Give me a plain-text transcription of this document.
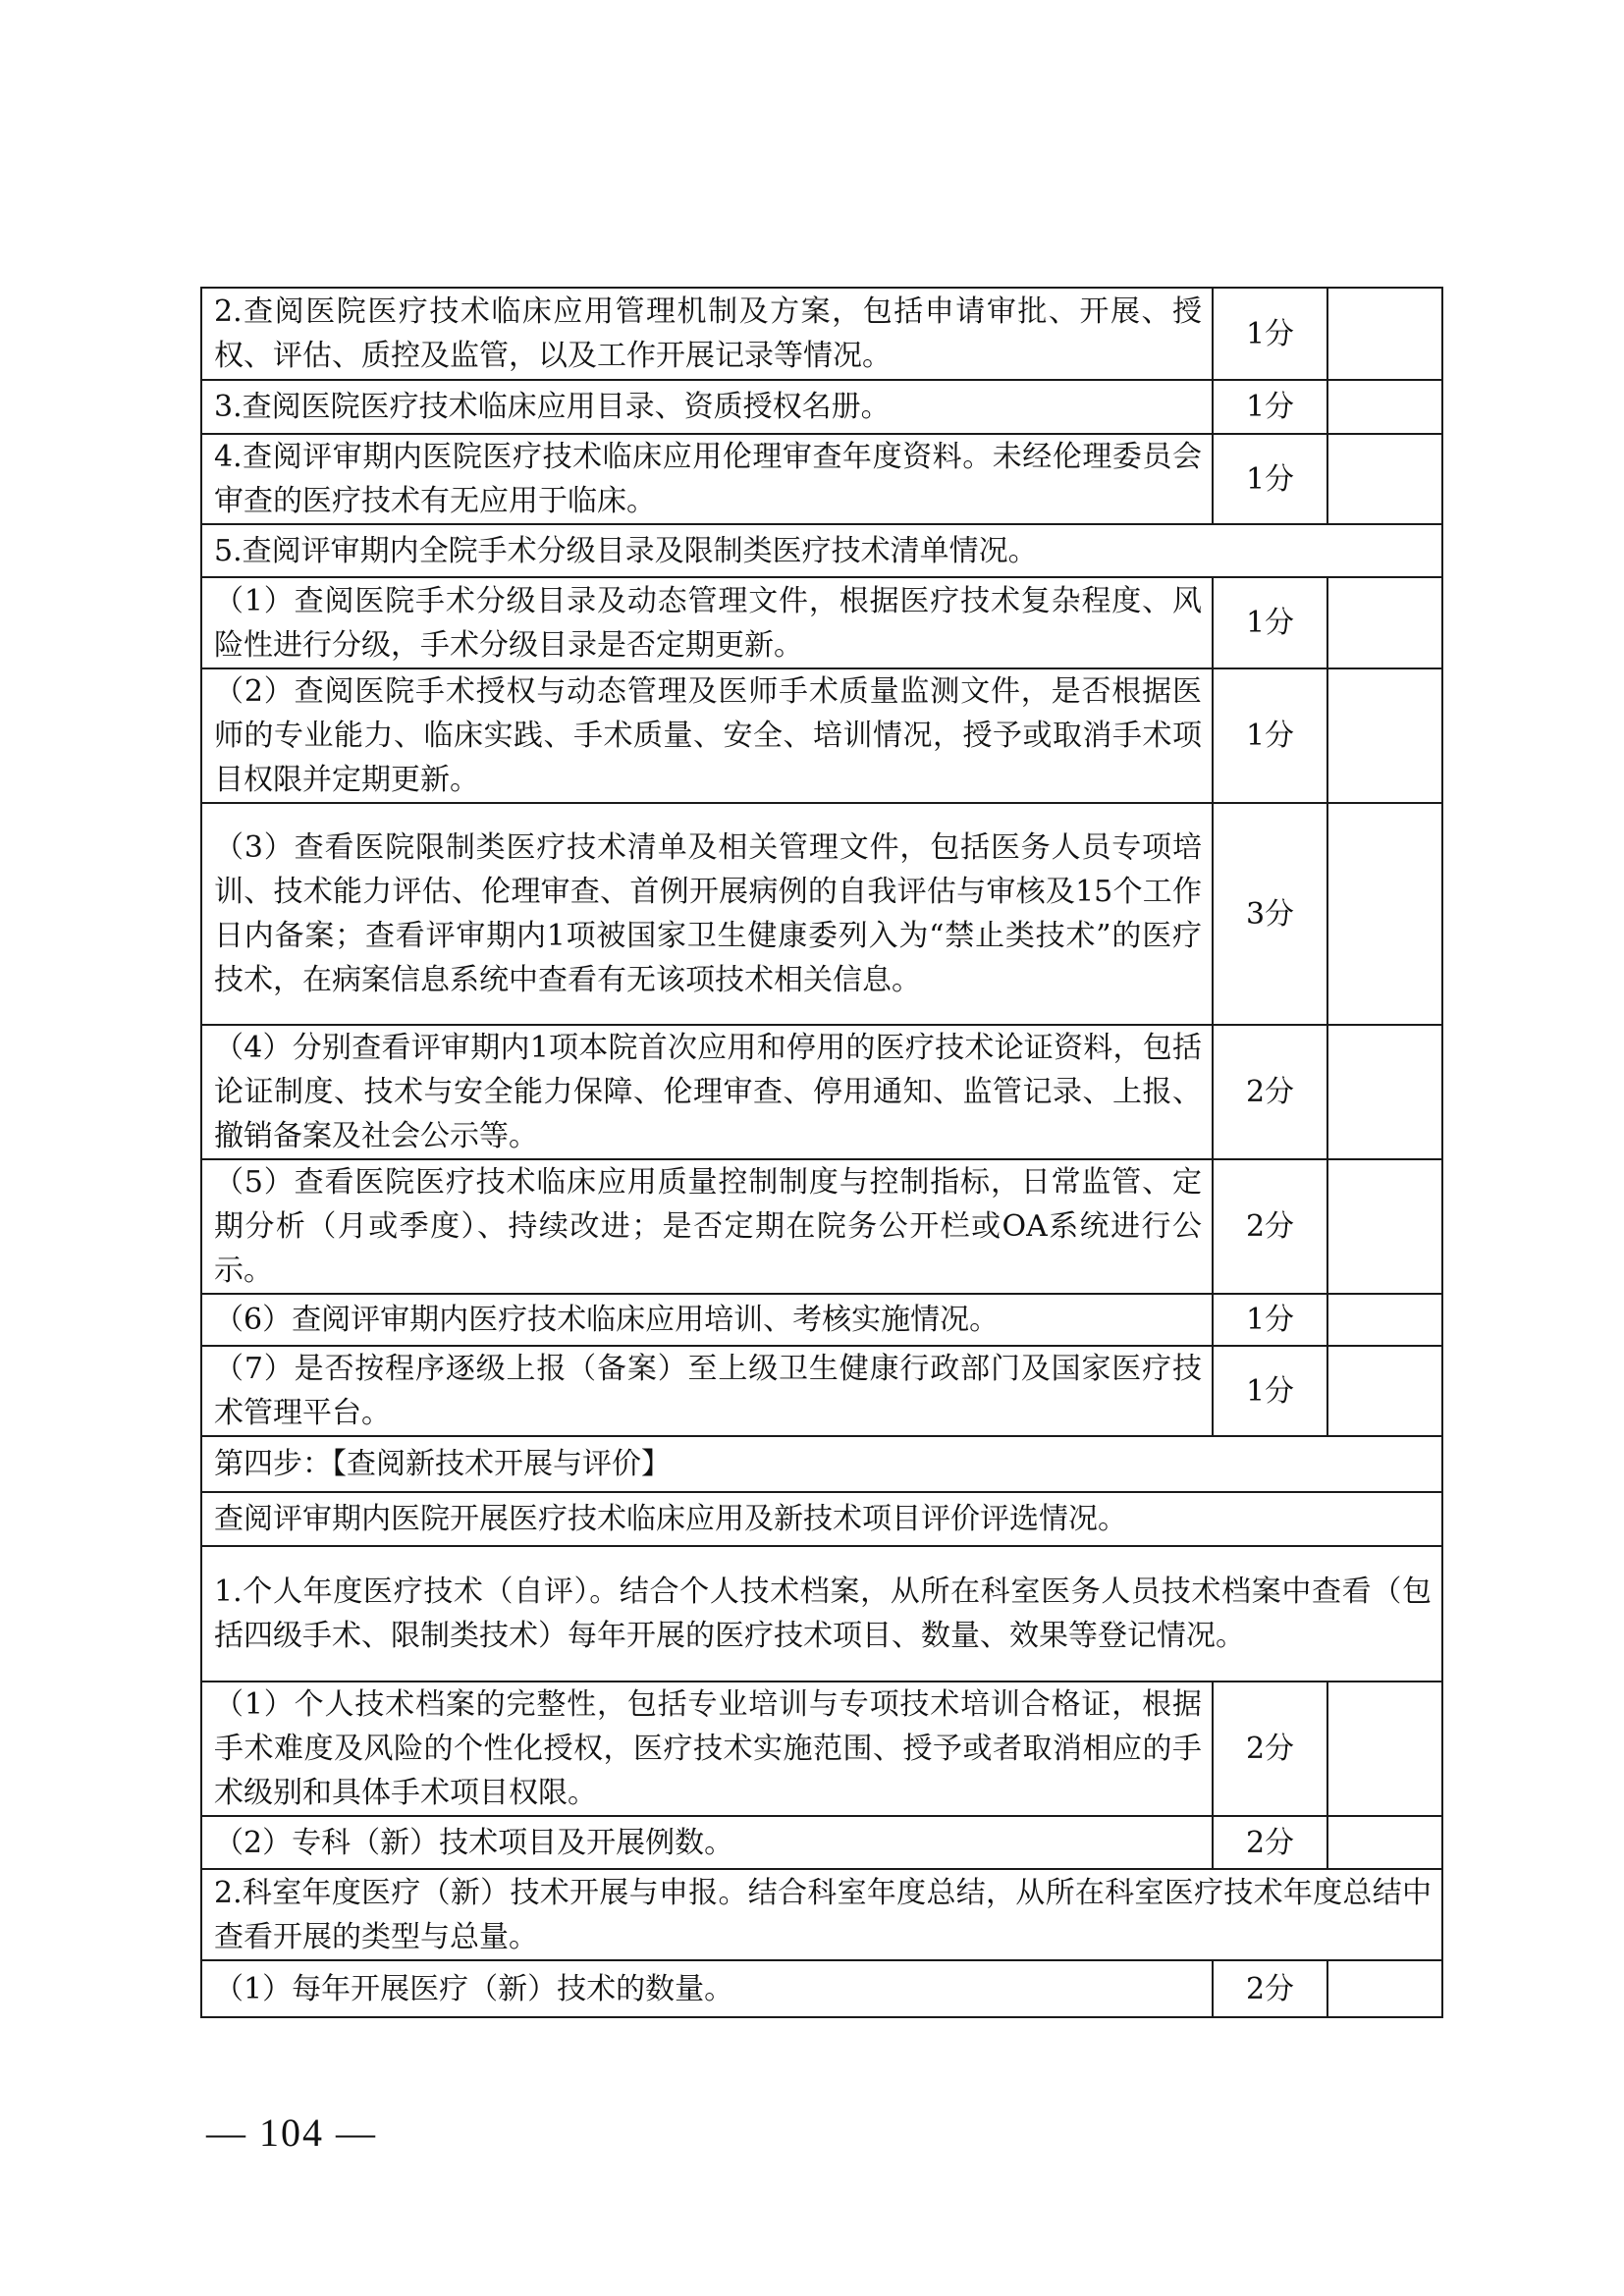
2.查阅医院医疗技术临床应用管理机制及方案，包括申请审批、开展、授权、评估、质控及监管，以及工作开展记录等情况。	1分	
3.查阅医院医疗技术临床应用目录、资质授权名册。	1分	
4.查阅评审期内医院医疗技术临床应用伦理审查年度资料。未经伦理委员会审查的医疗技术有无应用于临床。	1分	
5.查阅评审期内全院手术分级目录及限制类医疗技术清单情况。		
（1）查阅医院手术分级目录及动态管理文件，根据医疗技术复杂程度、风险性进行分级，手术分级目录是否定期更新。	1分	
（2）查阅医院手术授权与动态管理及医师手术质量监测文件，是否根据医师的专业能力、临床实践、手术质量、安全、培训情况，授予或取消手术项目权限并定期更新。	1分	
（3）查看医院限制类医疗技术清单及相关管理文件，包括医务人员专项培训、技术能力评估、伦理审查、首例开展病例的自我评估与审核及15个工作日内备案；查看评审期内1项被国家卫生健康委列入为“禁止类技术”的医疗技术，在病案信息系统中查看有无该项技术相关信息。	3分	
（4）分别查看评审期内1项本院首次应用和停用的医疗技术论证资料，包括论证制度、技术与安全能力保障、伦理审查、停用通知、监管记录、上报、撤销备案及社会公示等。	2分	
（5）查看医院医疗技术临床应用质量控制制度与控制指标，日常监管、定期分析（月或季度）、持续改进；是否定期在院务公开栏或OA系统进行公示。	2分	
（6）查阅评审期内医疗技术临床应用培训、考核实施情况。	1分	
（7）是否按程序逐级上报（备案）至上级卫生健康行政部门及国家医疗技术管理平台。	1分	
第四步：【查阅新技术开展与评价】		
查阅评审期内医院开展医疗技术临床应用及新技术项目评价评选情况。		
1.个人年度医疗技术（自评）。结合个人技术档案，从所在科室医务人员技术档案中查看（包括四级手术、限制类技术）每年开展的医疗技术项目、数量、效果等登记情况。		
（1）个人技术档案的完整性，包括专业培训与专项技术培训合格证，根据手术难度及风险的个性化授权，医疗技术实施范围、授予或者取消相应的手术级别和具体手术项目权限。	2分	
（2）专科（新）技术项目及开展例数。	2分	
2.科室年度医疗（新）技术开展与申报。结合科室年度总结，从所在科室医疗技术年度总结中查看开展的类型与总量。		
（1）每年开展医疗（新）技术的数量。	2分	
— 104 —
